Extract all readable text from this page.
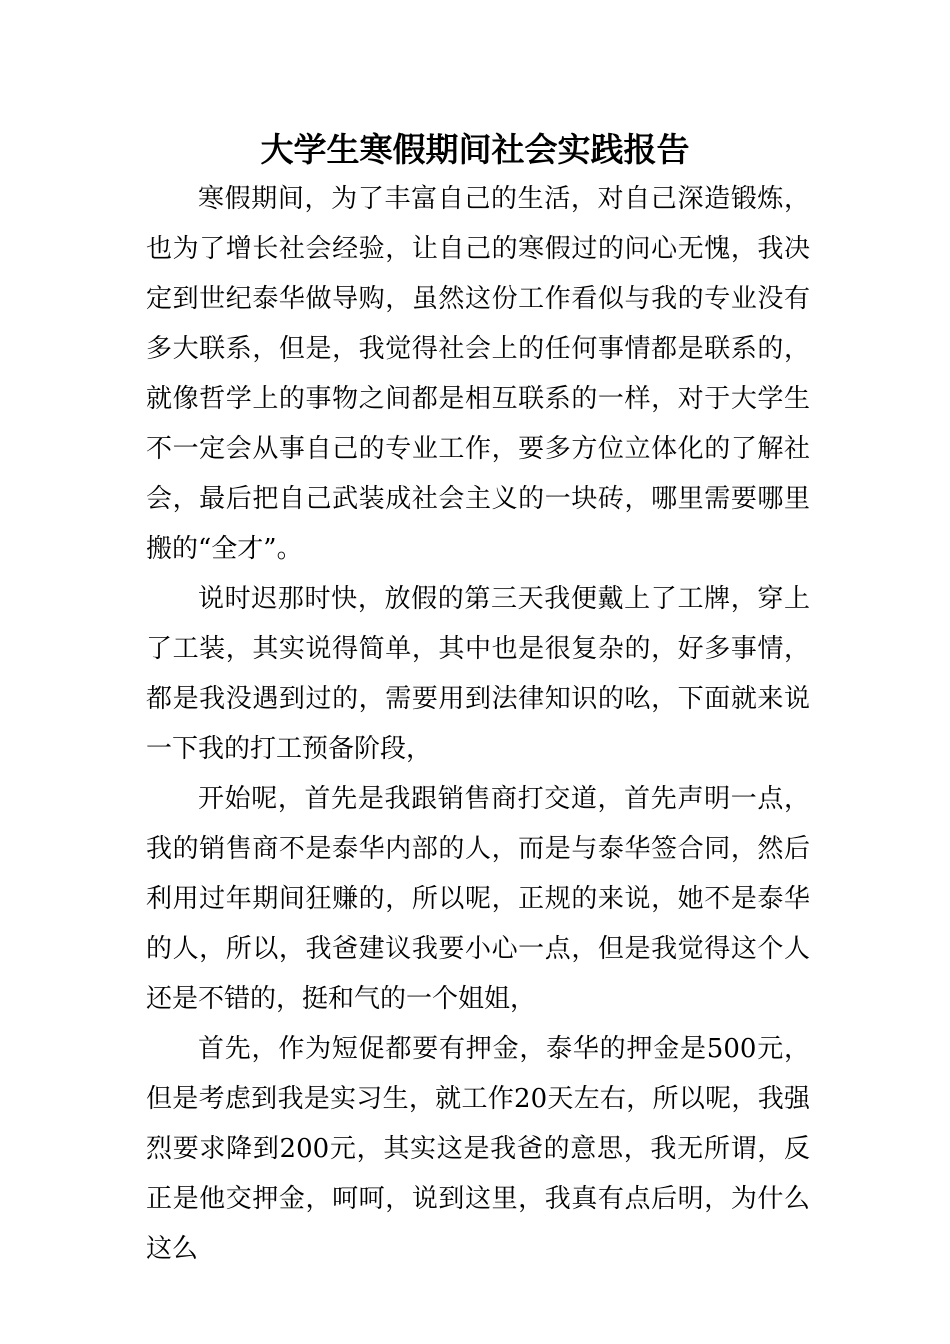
大学生寒假期间社会实践报告

寒假期间，为了丰富自己的生活，对自己深造锻炼，也为了增长社会经验，让自己的寒假过的问心无愧，我决定到世纪泰华做导购，虽然这份工作看似与我的专业没有多大联系，但是，我觉得社会上的任何事情都是联系的，就像哲学上的事物之间都是相互联系的一样，对于大学生不一定会从事自己的专业工作，要多方位立体化的了解社会，最后把自己武装成社会主义的一块砖，哪里需要哪里搬的“全才”。

说时迟那时快，放假的第三天我便戴上了工牌，穿上了工装，其实说得简单，其中也是很复杂的，好多事情，都是我没遇到过的，需要用到法律知识的吆，下面就来说一下我的打工预备阶段，

开始呢，首先是我跟销售商打交道，首先声明一点，我的销售商不是泰华内部的人，而是与泰华签合同，然后利用过年期间狂赚的，所以呢，正规的来说，她不是泰华的人，所以，我爸建议我要小心一点，但是我觉得这个人还是不错的，挺和气的一个姐姐，

首先，作为短促都要有押金，泰华的押金是500元，但是考虑到我是实习生，就工作20天左右，所以呢，我强烈要求降到200元，其实这是我爸的意思，我无所谓，反正是他交押金，呵呵，说到这里，我真有点后明，为什么这么
